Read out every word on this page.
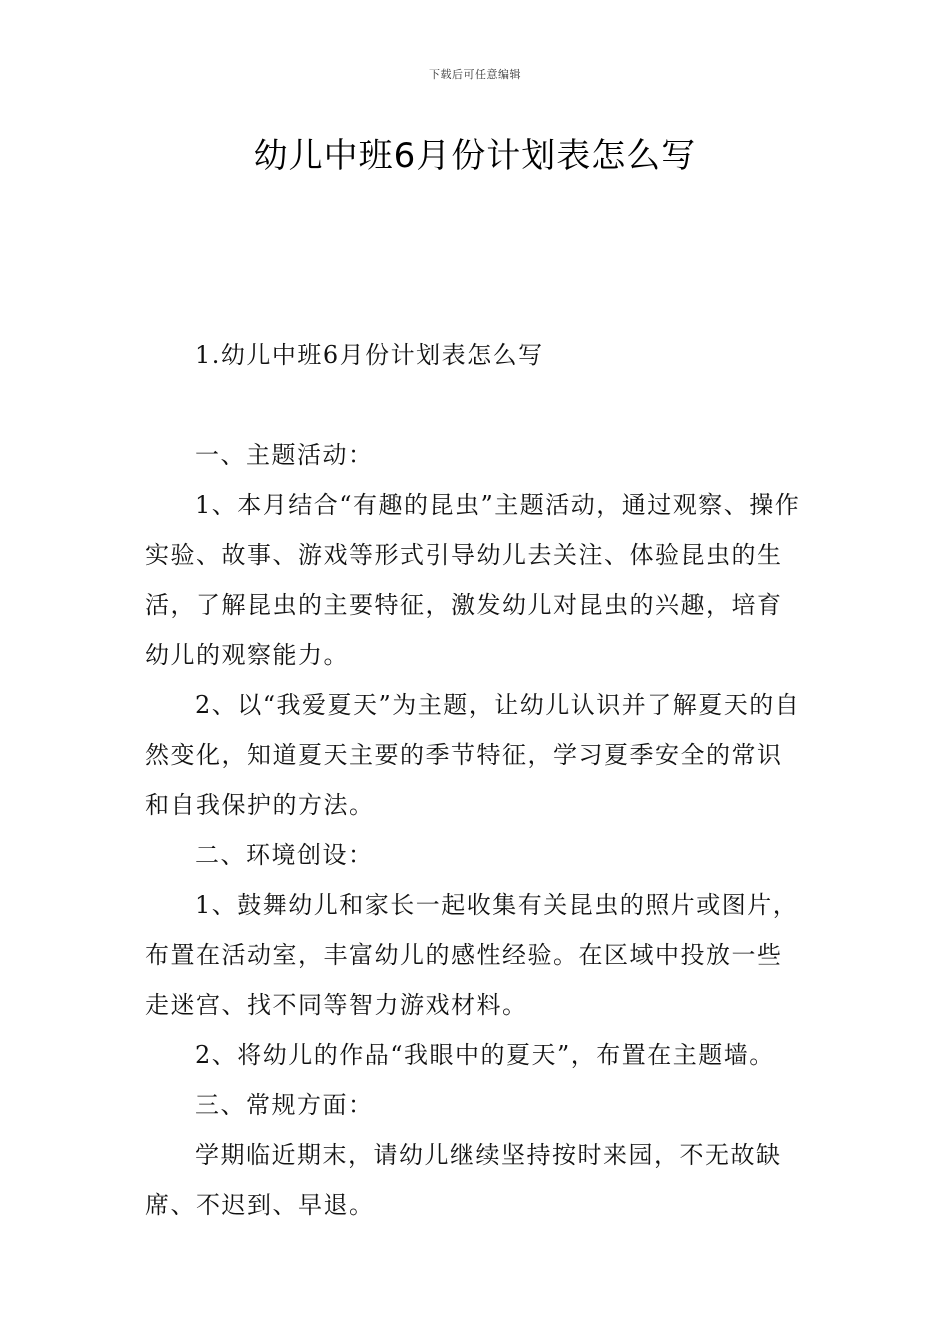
下载后可任意编辑
幼儿中班6月份计划表怎么写

1.幼儿中班6月份计划表怎么写

一、主题活动：

1、本月结合“有趣的昆虫”主题活动，通过观察、操作实验、故事、游戏等形式引导幼儿去关注、体验昆虫的生活，了解昆虫的主要特征，激发幼儿对昆虫的兴趣，培育幼儿的观察能力。

2、以“我爱夏天”为主题，让幼儿认识并了解夏天的自然变化，知道夏天主要的季节特征，学习夏季安全的常识和自我保护的方法。

二、环境创设：

1、鼓舞幼儿和家长一起收集有关昆虫的照片或图片，布置在活动室，丰富幼儿的感性经验。在区域中投放一些走迷宫、找不同等智力游戏材料。

2、将幼儿的作品“我眼中的夏天”，布置在主题墙。

三、常规方面：

学期临近期末，请幼儿继续坚持按时来园，不无故缺席、不迟到、早退。
